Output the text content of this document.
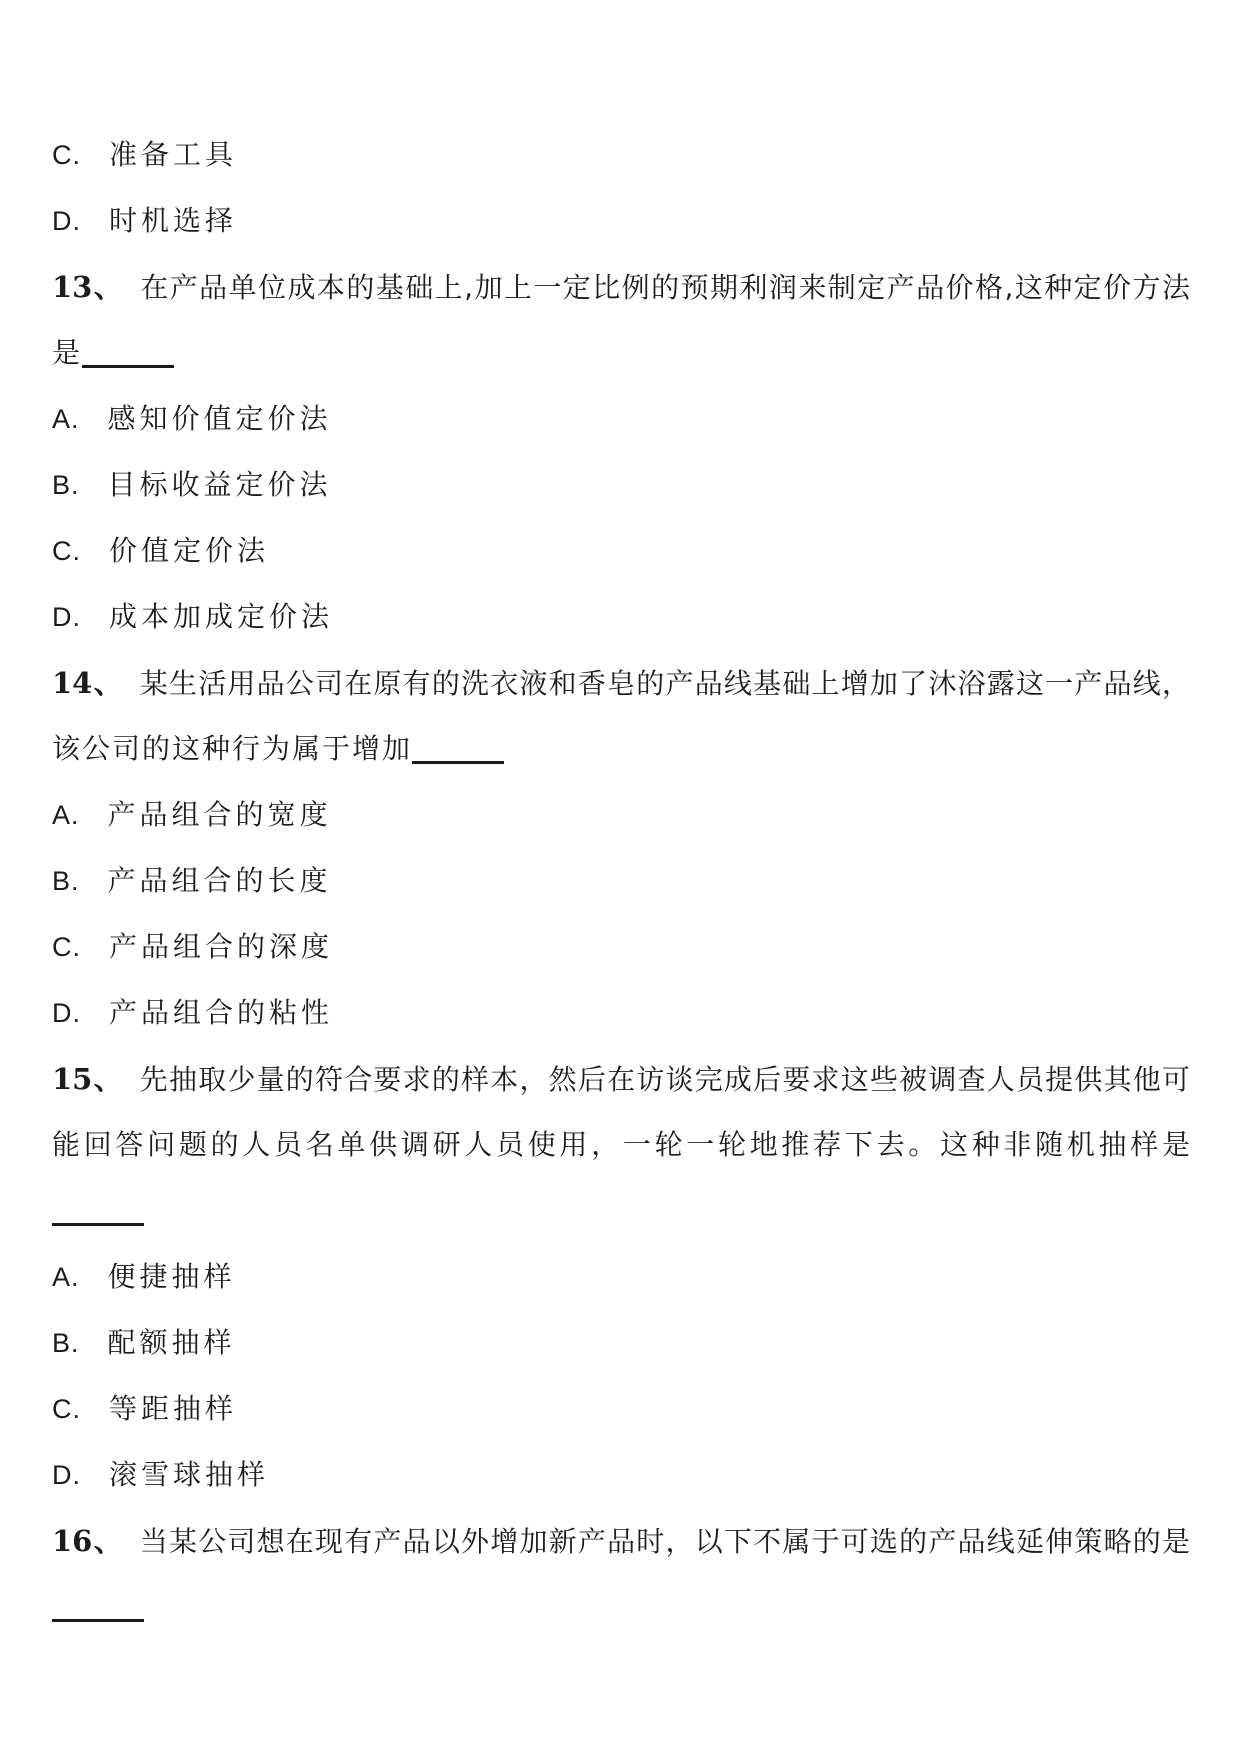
C. 准备工具
D. 时机选择
13、 在产品单位成本的基础上,加上一定比例的预期利润来制定产品价格,这种定价方法
是
A. 感知价值定价法
B. 目标收益定价法
C. 价值定价法
D. 成本加成定价法
14、 某生活用品公司在原有的洗衣液和香皂的产品线基础上增加了沐浴露这一产品线，
该公司的这种行为属于增加
A. 产品组合的宽度
B. 产品组合的长度
C. 产品组合的深度
D. 产品组合的粘性
15、 先抽取少量的符合要求的样本，然后在访谈完成后要求这些被调查人员提供其他可
能回答问题的人员名单供调研人员使用，一轮一轮地推荐下去。这种非随机抽样是
A. 便捷抽样
B. 配额抽样
C. 等距抽样
D. 滚雪球抽样
16、 当某公司想在现有产品以外增加新产品时，以下不属于可选的产品线延伸策略的是
